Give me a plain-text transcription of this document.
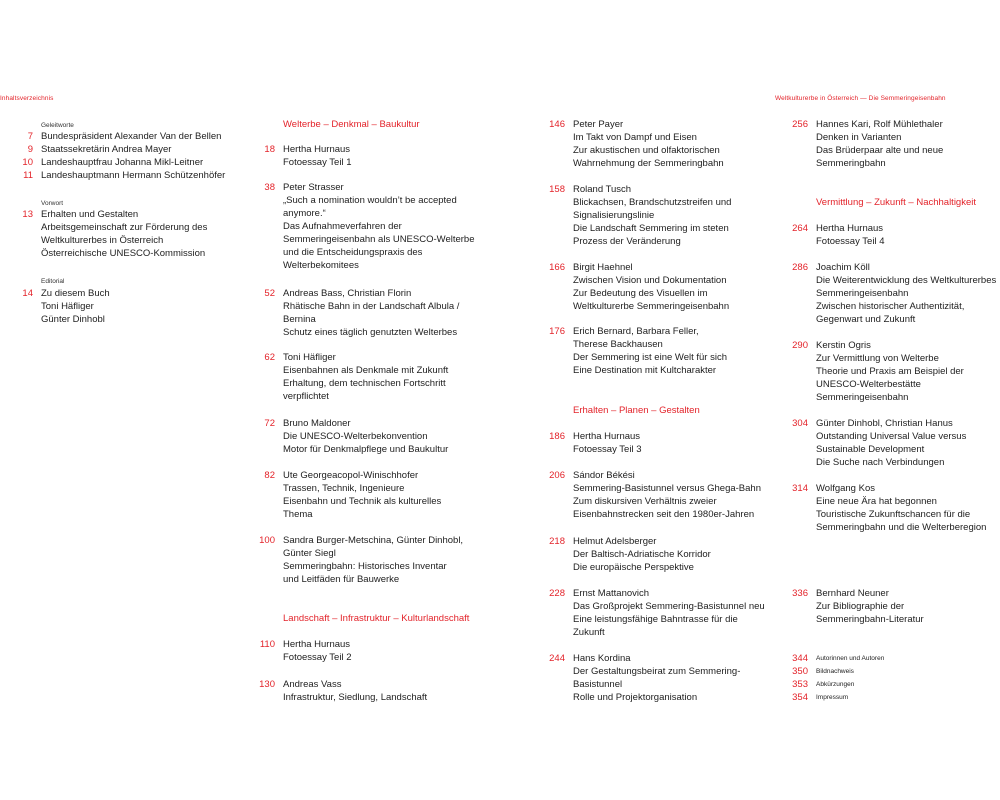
Inhaltsverzeichnis	Weltkulturerbe in Österreich — Die Semmeringeisenbahn
Geleitworte
7 Bundespräsident Alexander Van der Bellen
9 Staatssekretärin Andrea Mayer
10 Landeshauptfrau Johanna Mikl-Leitner
11 Landeshauptmann Hermann Schützenhöfer
Vorwort
13 Erhalten und Gestalten
Arbeitsgemeinschaft zur Förderung des
Weltkulturerbes in Österreich
Österreichische UNESCO-Kommission
Editorial
14 Zu diesem Buch
Toni Häfliger
Günter Dinhobl
Welterbe – Denkmal – Baukultur
18 Hertha Hurnaus
Fotoessay Teil 1
38 Peter Strasser
„Such a nomination wouldn’t be accepted
anymore.“
Das Aufnahmeverfahren der
Semmeringeisenbahn als UNESCO-Welterbe
und die Entscheidungspraxis des
Welterbekomitees
52 Andreas Bass, Christian Florin
Rhätische Bahn in der Landschaft Albula /
Bernina
Schutz eines täglich genutzten Welterbes
62 Toni Häfliger
Eisenbahnen als Denkmale mit Zukunft
Erhaltung, dem technischen Fortschritt
verpflichtet
72 Bruno Maldoner
Die UNESCO-Welterbekonvention
Motor für Denkmalpflege und Baukultur
82 Ute Georgeacopol-Winischhofer
Trassen, Technik, Ingenieure
Eisenbahn und Technik als kulturelles
Thema
100 Sandra Burger-Metschina, Günter Dinhobl,
Günter Siegl
Semmeringbahn: Historisches Inventar
und Leitfäden für Bauwerke
Landschaft – Infrastruktur – Kulturlandschaft
110 Hertha Hurnaus
Fotoessay Teil 2
130 Andreas Vass
Infrastruktur, Siedlung, Landschaft
146 Peter Payer
Im Takt von Dampf und Eisen
Zur akustischen und olfaktorischen
Wahrnehmung der Semmeringbahn
158 Roland Tusch
Blickachsen, Brandschutzstreifen und
Signalisierungslinie
Die Landschaft Semmering im steten
Prozess der Veränderung
166 Birgit Haehnel
Zwischen Vision und Dokumentation
Zur Bedeutung des Visuellen im
Weltkulturerbe Semmeringeisenbahn
176 Erich Bernard, Barbara Feller,
Therese Backhausen
Der Semmering ist eine Welt für sich
Eine Destination mit Kultcharakter
Erhalten – Planen – Gestalten
186 Hertha Hurnaus
Fotoessay Teil 3
206 Sándor Békési
Semmering-Basistunnel versus Ghega-Bahn
Zum diskursiven Verhältnis zweier
Eisenbahnstrecken seit den 1980er-Jahren
218 Helmut Adelsberger
Der Baltisch-Adriatische Korridor
Die europäische Perspektive
228 Ernst Mattanovich
Das Großprojekt Semmering-Basistunnel neu
Eine leistungsfähige Bahntrasse für die
Zukunft
244 Hans Kordina
Der Gestaltungsbeirat zum Semmering-
Basistunnel
Rolle und Projektorganisation
256 Hannes Kari, Rolf Mühlethaler
Denken in Varianten
Das Brüderpaar alte und neue
Semmeringbahn
Vermittlung – Zukunft – Nachhaltigkeit
264 Hertha Hurnaus
Fotoessay Teil 4
286 Joachim Köll
Die Weiterentwicklung des Weltkulturerbes
Semmeringeisenbahn
Zwischen historischer Authentizität,
Gegenwart und Zukunft
290 Kerstin Ogris
Zur Vermittlung von Welterbe
Theorie und Praxis am Beispiel der
UNESCO-Welterbestätte
Semmeringeisenbahn
304 Günter Dinhobl, Christian Hanus
Outstanding Universal Value versus
Sustainable Development
Die Suche nach Verbindungen
314 Wolfgang Kos
Eine neue Ära hat begonnen
Touristische Zukunftschancen für die
Semmeringbahn und die Welterberegion
336 Bernhard Neuner
Zur Bibliographie der
Semmeringbahn-Literatur
344 Autorinnen und Autoren
350 Bildnachweis
353 Abkürzungen
354 Impressum
